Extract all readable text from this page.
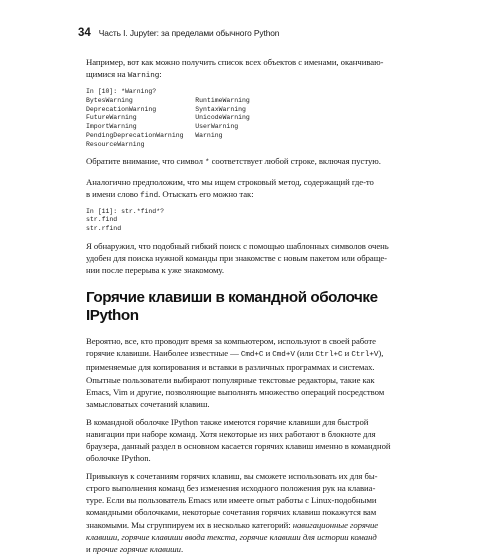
34 Часть I. Jupyter: за пределами обычного Python

Например, вот как можно получить список всех объектов с именами, оканчиваю-
щимися на Warning:

In [10]: *Warning?
BytesWarning                RuntimeWarning
DeprecationWarning          SyntaxWarning
FutureWarning               UnicodeWarning
ImportWarning               UserWarning
PendingDeprecationWarning   Warning
ResourceWarning

Обратите внимание, что символ * соответствует любой строке, включая пустую.

Аналогично предположим, что мы ищем строковый метод, содержащий где-то
в имени слово find. Отыскать его можно так:

In [11]: str.*find*?
str.find
str.rfind

Я обнаружил, что подобный гибкий поиск с помощью шаблонных символов очень
удобен для поиска нужной команды при знакомстве с новым пакетом или обраще-
нии после перерыва к уже знакомому.

Горячие клавиши в командной оболочке IPython

Вероятно, все, кто проводит время за компьютером, используют в своей работе
горячие клавиши. Наиболее известные — Cmd+C и Cmd+V (или Ctrl+C и Ctrl+V),
применяемые для копирования и вставки в различных программах и системах.
Опытные пользователи выбирают популярные текстовые редакторы, такие как
Emacs, Vim и другие, позволяющие выполнять множество операций посредством
замысловатых сочетаний клавиш.

В командной оболочке IPython также имеются горячие клавиши для быстрой
навигации при наборе команд. Хотя некоторые из них работают в блокноте для
браузера, данный раздел в основном касается горячих клавиш именно в командной
оболочке IPython.

Привыкнув к сочетаниям горячих клавиш, вы сможете использовать их для бы-
строго выполнения команд без изменения исходного положения рук на клавиа-
туре. Если вы пользователь Emacs или имеете опыт работы с Linux-подобными
командными оболочками, некоторые сочетания горячих клавиш покажутся вам
знакомыми. Мы сгруппируем их в несколько категорий: навигационные горячие
клавиши, горячие клавиши ввода текста, горячие клавиши для истории команд
и прочие горячие клавиши.
